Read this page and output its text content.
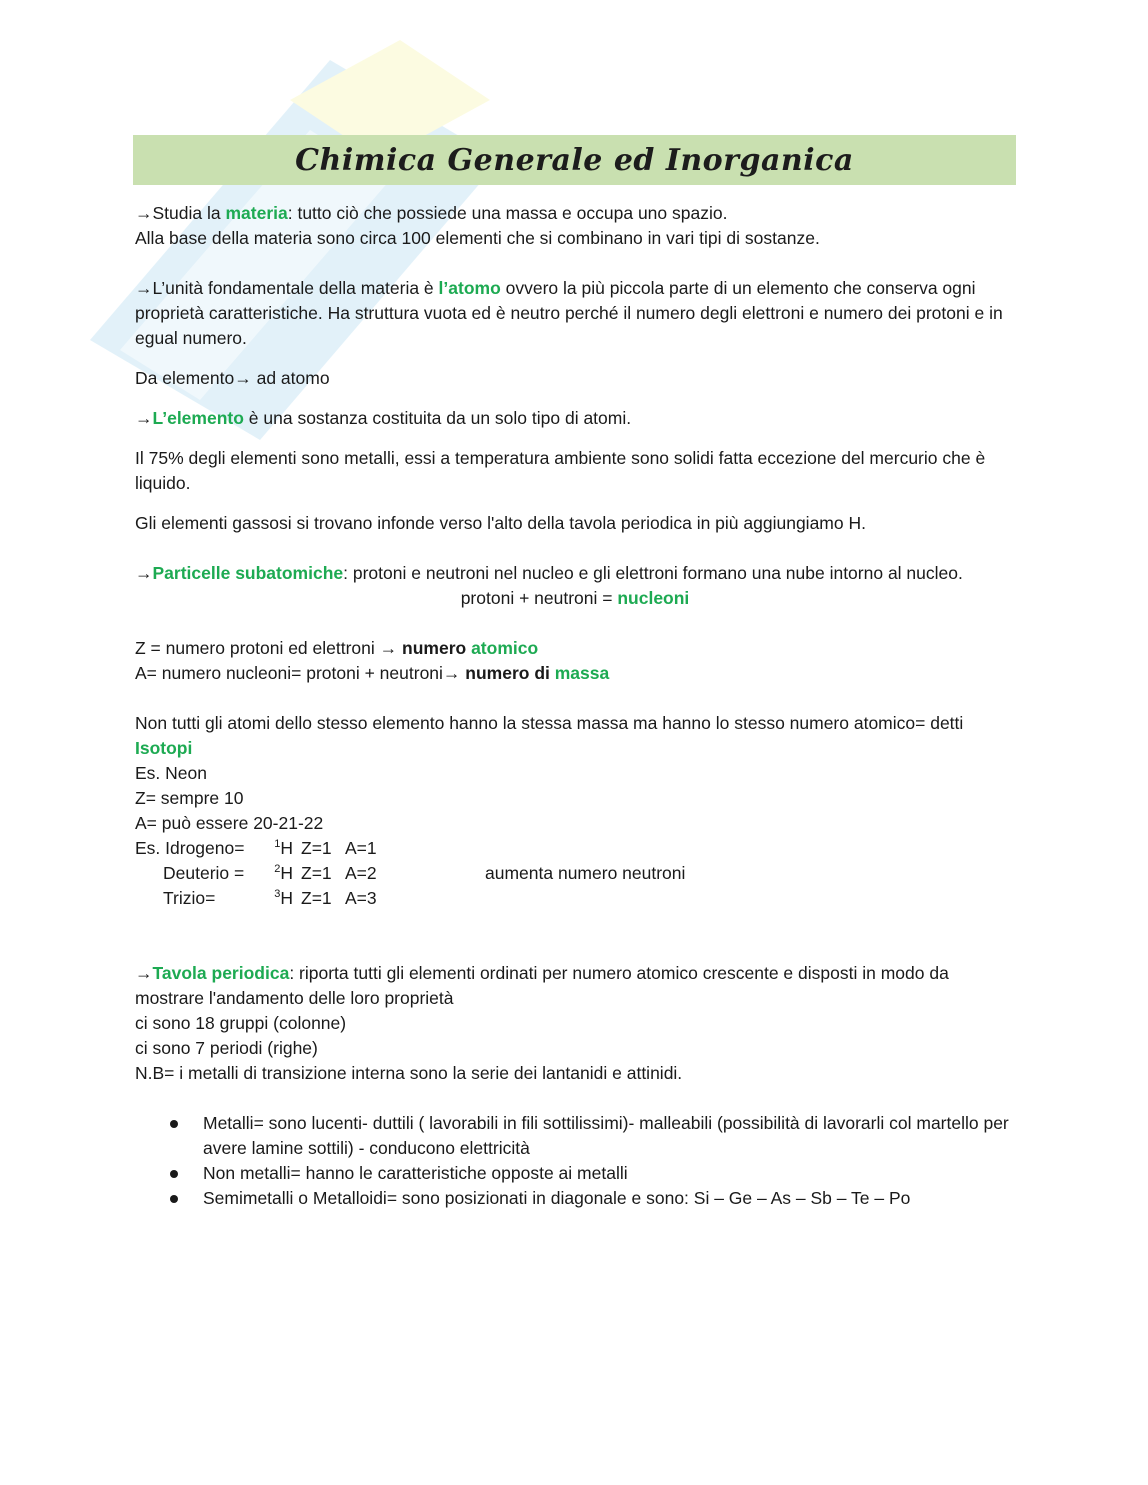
Chimica Generale ed Inorganica

→Studia la materia: tutto ciò che possiede una massa e occupa uno spazio.

Alla base della materia sono circa 100 elementi che si combinano in vari tipi di sostanze.

→L’unità fondamentale della materia è l’atomo ovvero la più piccola parte di un elemento che conserva ogni proprietà caratteristiche. Ha struttura vuota ed è neutro perché il numero degli elettroni e numero dei protoni e in egual numero.

Da elemento→ ad atomo

→L’elemento è una sostanza costituita da un solo tipo di atomi.

Il 75% degli elementi sono metalli, essi a temperatura ambiente sono solidi fatta eccezione del mercurio che è liquido.

Gli elementi gassosi si trovano infonde verso l'alto della tavola periodica in più aggiungiamo H.

→Particelle subatomiche: protoni e neutroni nel nucleo e gli elettroni formano una nube intorno al nucleo.

protoni + neutroni = nucleoni

Z = numero protoni ed elettroni → numero atomico

A= numero nucleoni= protoni + neutroni→ numero di massa

Non tutti gli atomi dello stesso elemento hanno la stessa massa ma hanno lo stesso numero atomico= detti Isotopi

Es. Neon

Z= sempre 10

A= può essere 20-21-22

Es. Idrogeno=	$^1$H Z=1 A=1
Deuterio =	$^2$H Z=1 A=2	aumenta numero neutroni
Trizio=	$^3$H Z=1 A=3

→Tavola periodica: riporta tutti gli elementi ordinati per numero atomico crescente e disposti in modo da mostrare l'andamento delle loro proprietà

ci sono 18 gruppi (colonne)

ci sono 7 periodi (righe)

N.B= i metalli di transizione interna sono la serie dei lantanidi e attinidi.

Metalli= sono lucenti- duttili ( lavorabili in fili sottilissimi)- malleabili (possibilità di lavorarli col martello per avere lamine sottili) - conducono elettricità
Non metalli= hanno le caratteristiche opposte ai metalli
Semimetalli o Metalloidi= sono posizionati in diagonale e sono: Si – Ge – As – Sb – Te – Po
